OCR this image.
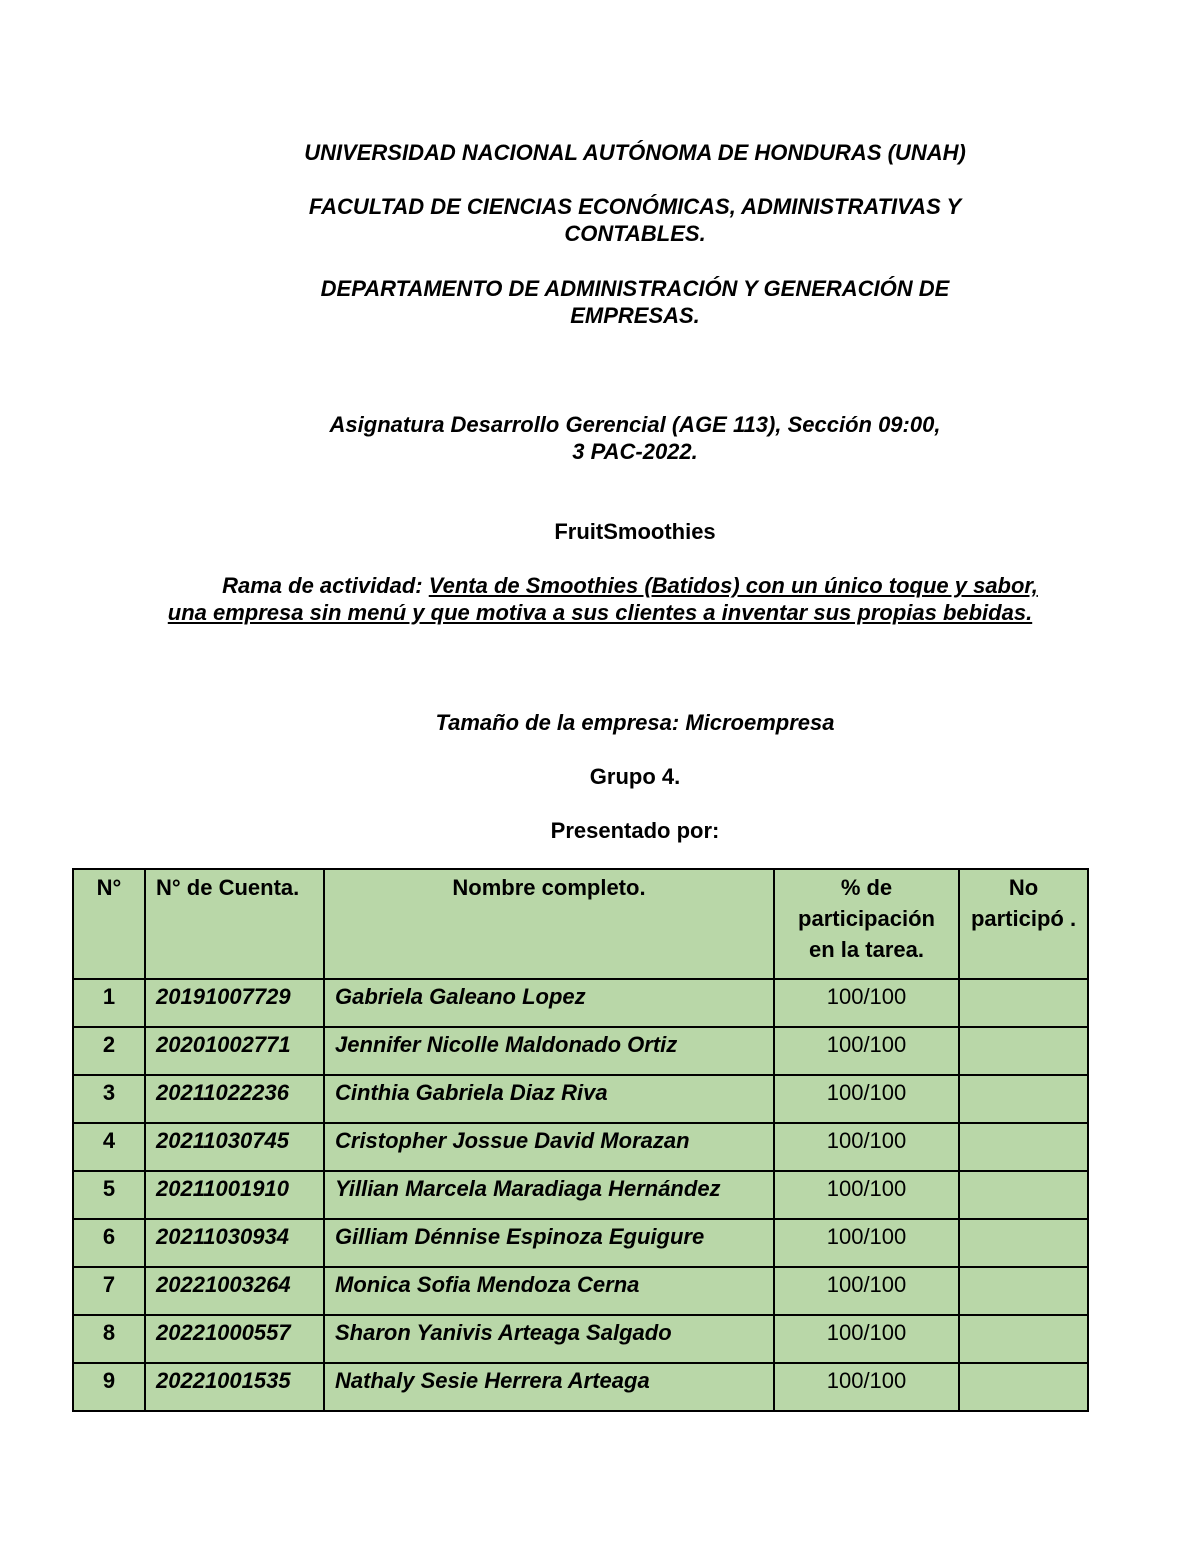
UNIVERSIDAD NACIONAL AUTÓNOMA DE HONDURAS (UNAH)
FACULTAD DE CIENCIAS ECONÓMICAS, ADMINISTRATIVAS Y
CONTABLES.
DEPARTAMENTO DE ADMINISTRACIÓN Y GENERACIÓN DE
EMPRESAS.
Asignatura Desarrollo Gerencial (AGE 113), Sección 09:00,
3 PAC-2022.
FruitSmoothies
Rama de actividad: Venta de Smoothies (Batidos) con un único toque y sabor, una empresa sin menú y que motiva a sus clientes a inventar sus propias bebidas.
Tamaño de la empresa: Microempresa
Grupo 4.
Presentado por:
N°	N° de Cuenta.	Nombre completo.	% de participación en la tarea.	No participó .
1	20191007729	Gabriela Galeano Lopez	100/100	
2	20201002771	Jennifer Nicolle Maldonado Ortiz	100/100	
3	20211022236	Cinthia Gabriela Diaz Riva	100/100	
4	20211030745	Cristopher Jossue David Morazan	100/100	
5	20211001910	Yillian Marcela Maradiaga Hernández	100/100	
6	20211030934	Gilliam Dénnise Espinoza Eguigure	100/100	
7	20221003264	Monica Sofia Mendoza Cerna	100/100	
8	20221000557	Sharon Yanivis Arteaga Salgado	100/100	
9	20221001535	Nathaly Sesie Herrera Arteaga	100/100	
